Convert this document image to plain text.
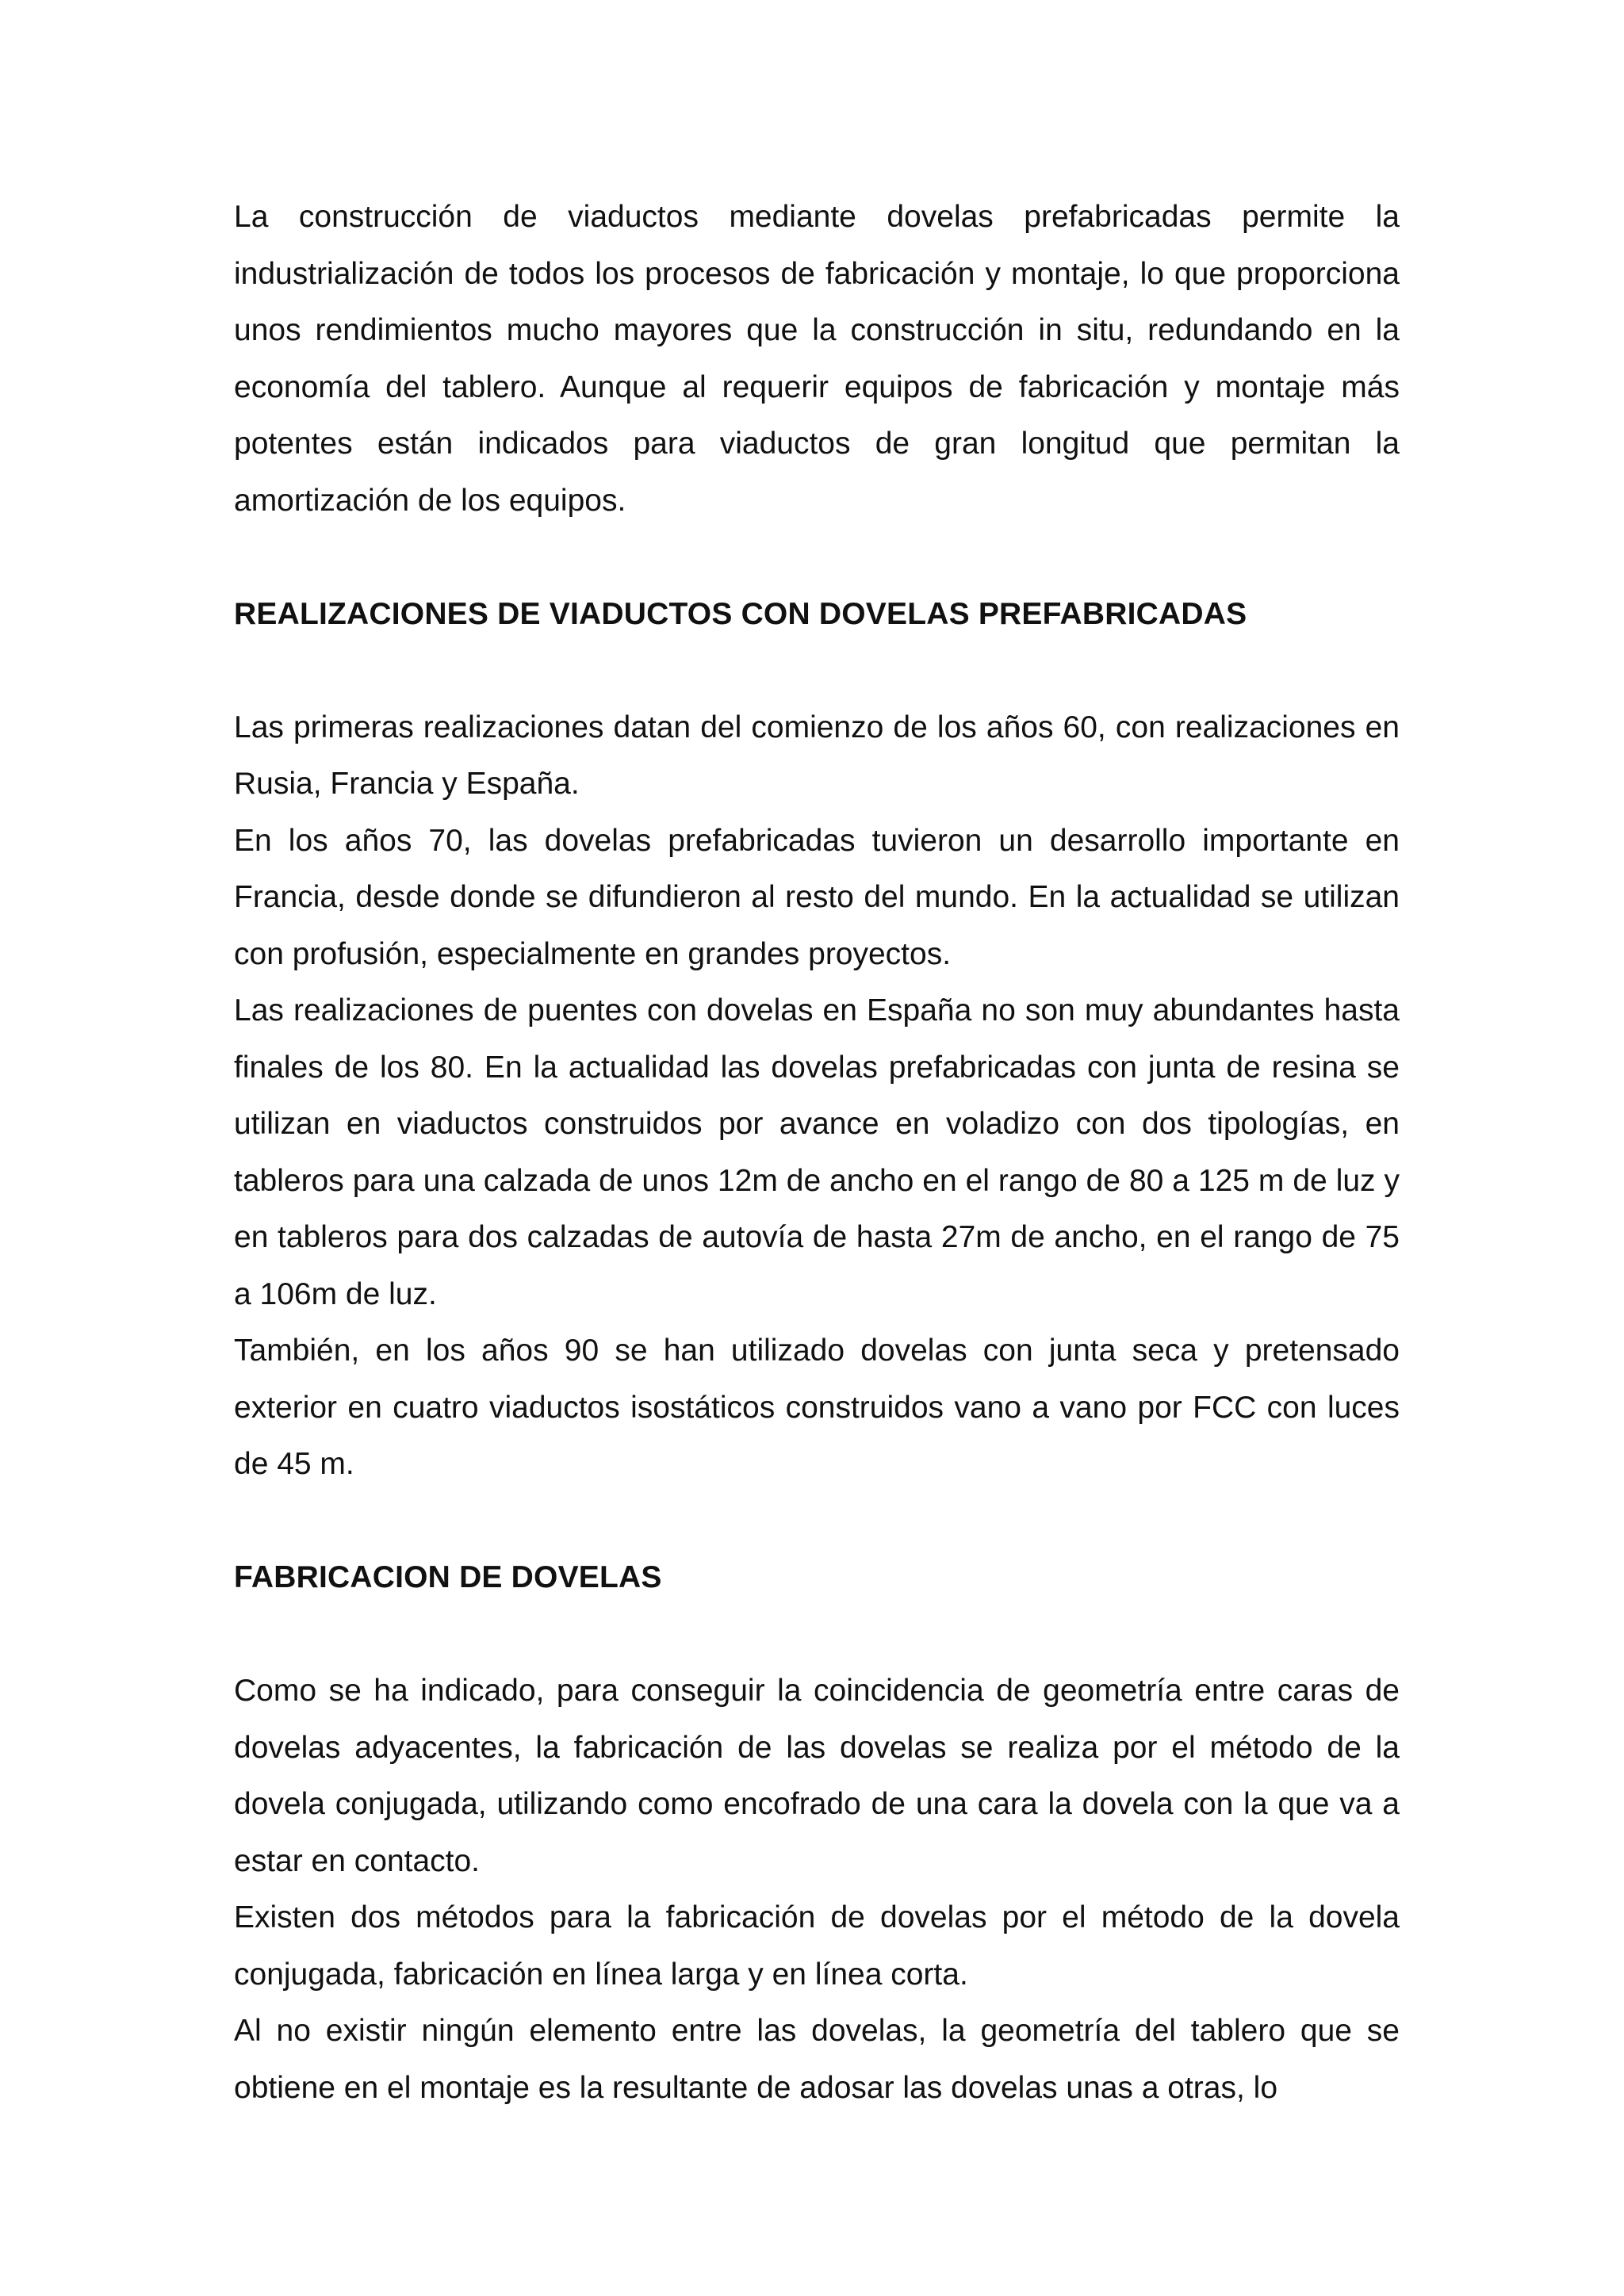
La construcción de viaductos mediante dovelas prefabricadas permite la industrialización de todos los procesos de fabricación y montaje, lo que proporciona unos rendimientos mucho mayores que la construcción in situ, redundando en la economía del tablero. Aunque al requerir equipos de fabricación y montaje más potentes están indicados para viaductos de gran longitud que permitan la amortización de los equipos.

REALIZACIONES DE VIADUCTOS CON DOVELAS PREFABRICADAS

Las primeras realizaciones datan del comienzo de los años 60, con realizaciones en Rusia, Francia y España.

En los años 70, las dovelas prefabricadas tuvieron un desarrollo importante en Francia, desde donde se difundieron al resto del mundo. En la actualidad se utilizan con profusión, especialmente en grandes proyectos.

Las realizaciones de puentes con dovelas en España no son muy abundantes hasta finales de los 80. En la actualidad las dovelas prefabricadas con junta de resina se utilizan en viaductos construidos por avance en voladizo con dos tipologías, en tableros para una calzada de unos 12m de ancho en el rango de 80 a 125 m de luz y en tableros para dos calzadas de autovía de hasta 27m de ancho, en el rango de 75 a 106m de luz.

También, en los años 90 se han utilizado dovelas con junta seca y pretensado exterior en cuatro viaductos isostáticos construidos vano a vano por FCC con luces de 45 m.

FABRICACION DE DOVELAS

Como se ha indicado, para conseguir la coincidencia de geometría entre caras de dovelas adyacentes, la fabricación de las dovelas se realiza por el método de la dovela conjugada, utilizando como encofrado de una cara la dovela con la que va a estar en contacto.

Existen dos métodos para la fabricación de dovelas por el método de la dovela conjugada, fabricación en línea larga y en línea corta.

Al no existir ningún elemento entre las dovelas, la geometría del tablero que se obtiene en el montaje es la resultante de adosar las dovelas unas a otras, lo
